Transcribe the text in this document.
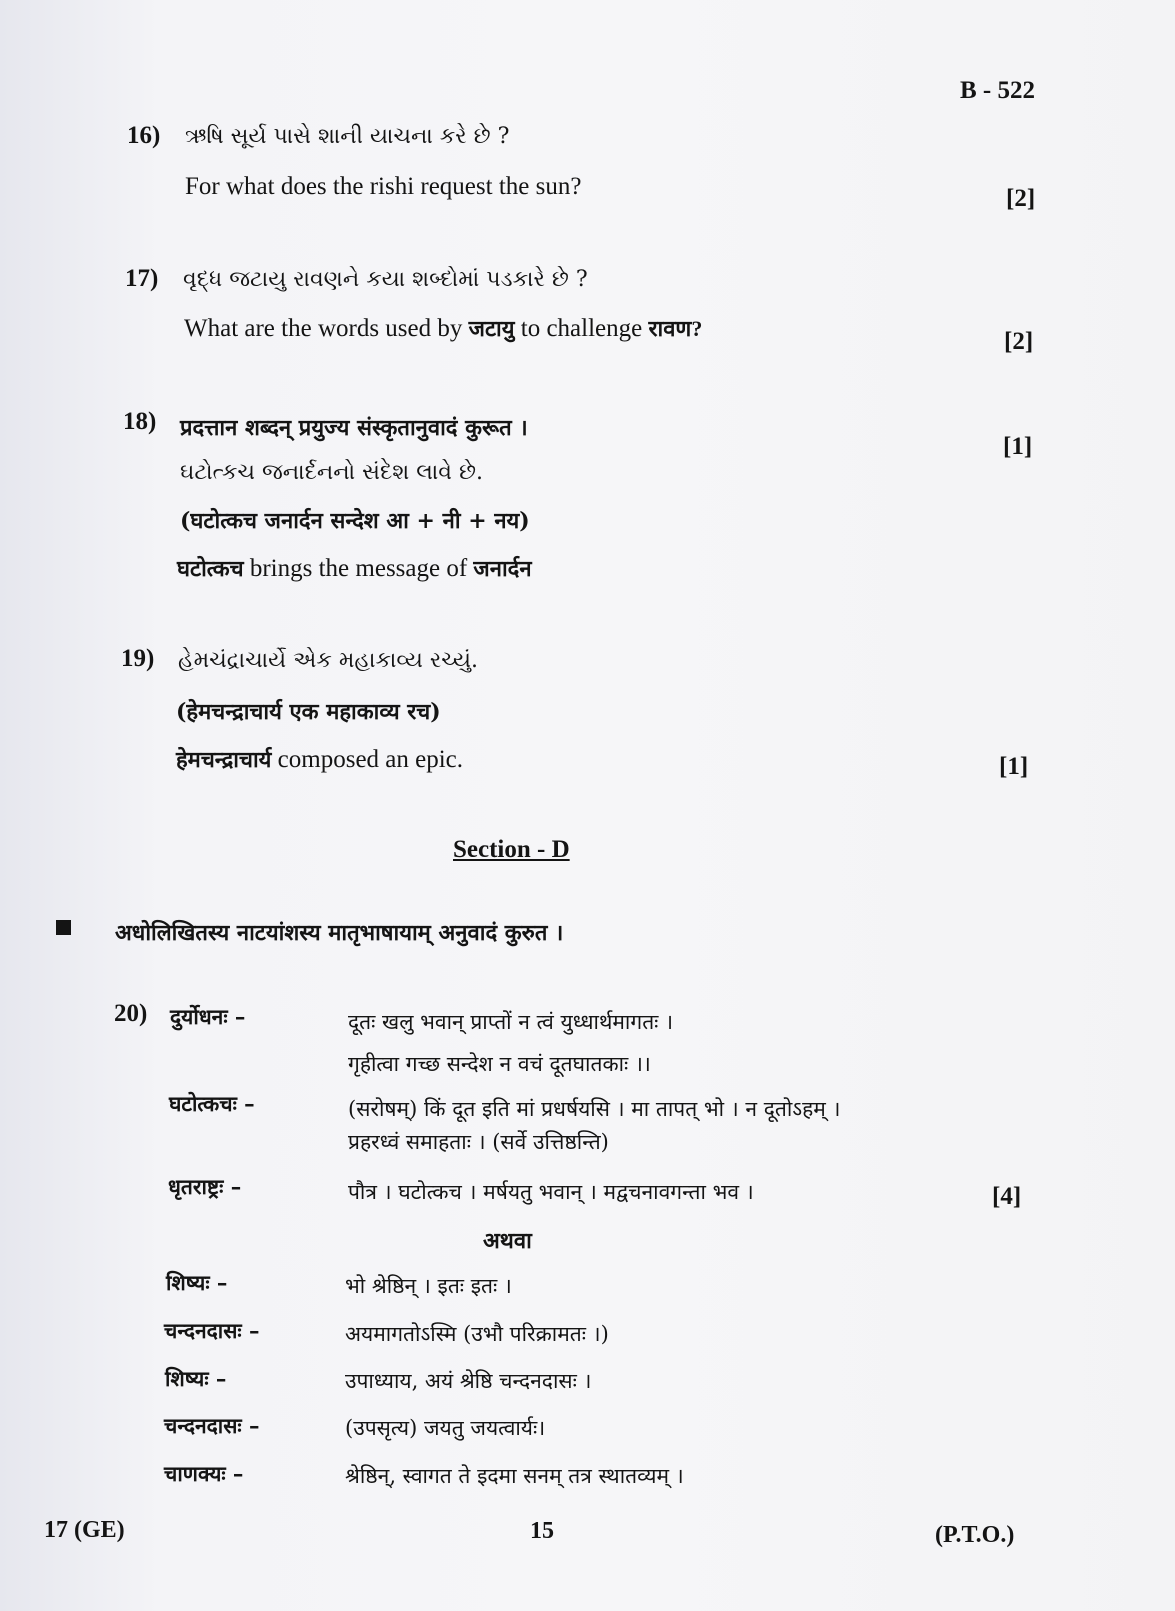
B - 522
16) ઋષિ સૂર્ય પાસે શાની યાચના કરે છે ?
For what does the rishi request the sun?	[2]
17) વૃદ્ધ જટાયુ રાવણને કયા શબ્દોમાં પડકારે છે ?
What are the words used by जटायु to challenge रावण?	[2]
18) प्रदत्तान शब्दन् प्रयुज्य संस्कृतानुवादं कुरूत ।
[1]
ઘટોત્કચ જનાર્દનનો સંદેશ લાવે છે.
(घटोत्कच जनार्दन सन्देश आ + नी + नय)
घटोत्कच brings the message of जनार्दन
19) હેમચંદ્રાચાર્યે એક મહાકાવ્ય રચ્યું.
(हेमचन्द्राचार्य एक महाकाव्य रच)
हेमचन्द्राचार्य composed an epic.	[1]
Section - D
अधोलिखितस्य नाटयांशस्य मातृभाषायाम् अनुवादं कुरुत ।
20) दुर्योधनः –	दूतः खलु भवान् प्राप्तों न त्वं युध्धार्थमागतः ।
गृहीत्वा गच्छ सन्देश न वचं दूतघातकाः ।।
घटोत्कचः –	(सरोषम्) किं दूत इति मां प्रधर्षयसि । मा तापत् भो । न दूतोऽहम् ।
प्रहरध्वं समाहताः । (सर्वे उत्तिष्ठन्ति)
धृतराष्ट्रः –	पौत्र । घटोत्कच । मर्षयतु भवान् । मद्वचनावगन्ता भव ।	[4]
अथवा
शिष्यः –	भो श्रेष्ठिन् । इतः इतः ।
चन्दनदासः –	अयमागतोऽस्मि (उभौ परिक्रामतः ।)
शिष्यः –	उपाध्याय, अयं श्रेष्ठि चन्दनदासः ।
चन्दनदासः –	(उपसृत्य) जयतु जयत्वार्यः।
चाणक्यः –	श्रेष्ठिन्, स्वागत ते इदमा सनम् तत्र स्थातव्यम् ।
17 (GE)	15	(P.T.O.)
